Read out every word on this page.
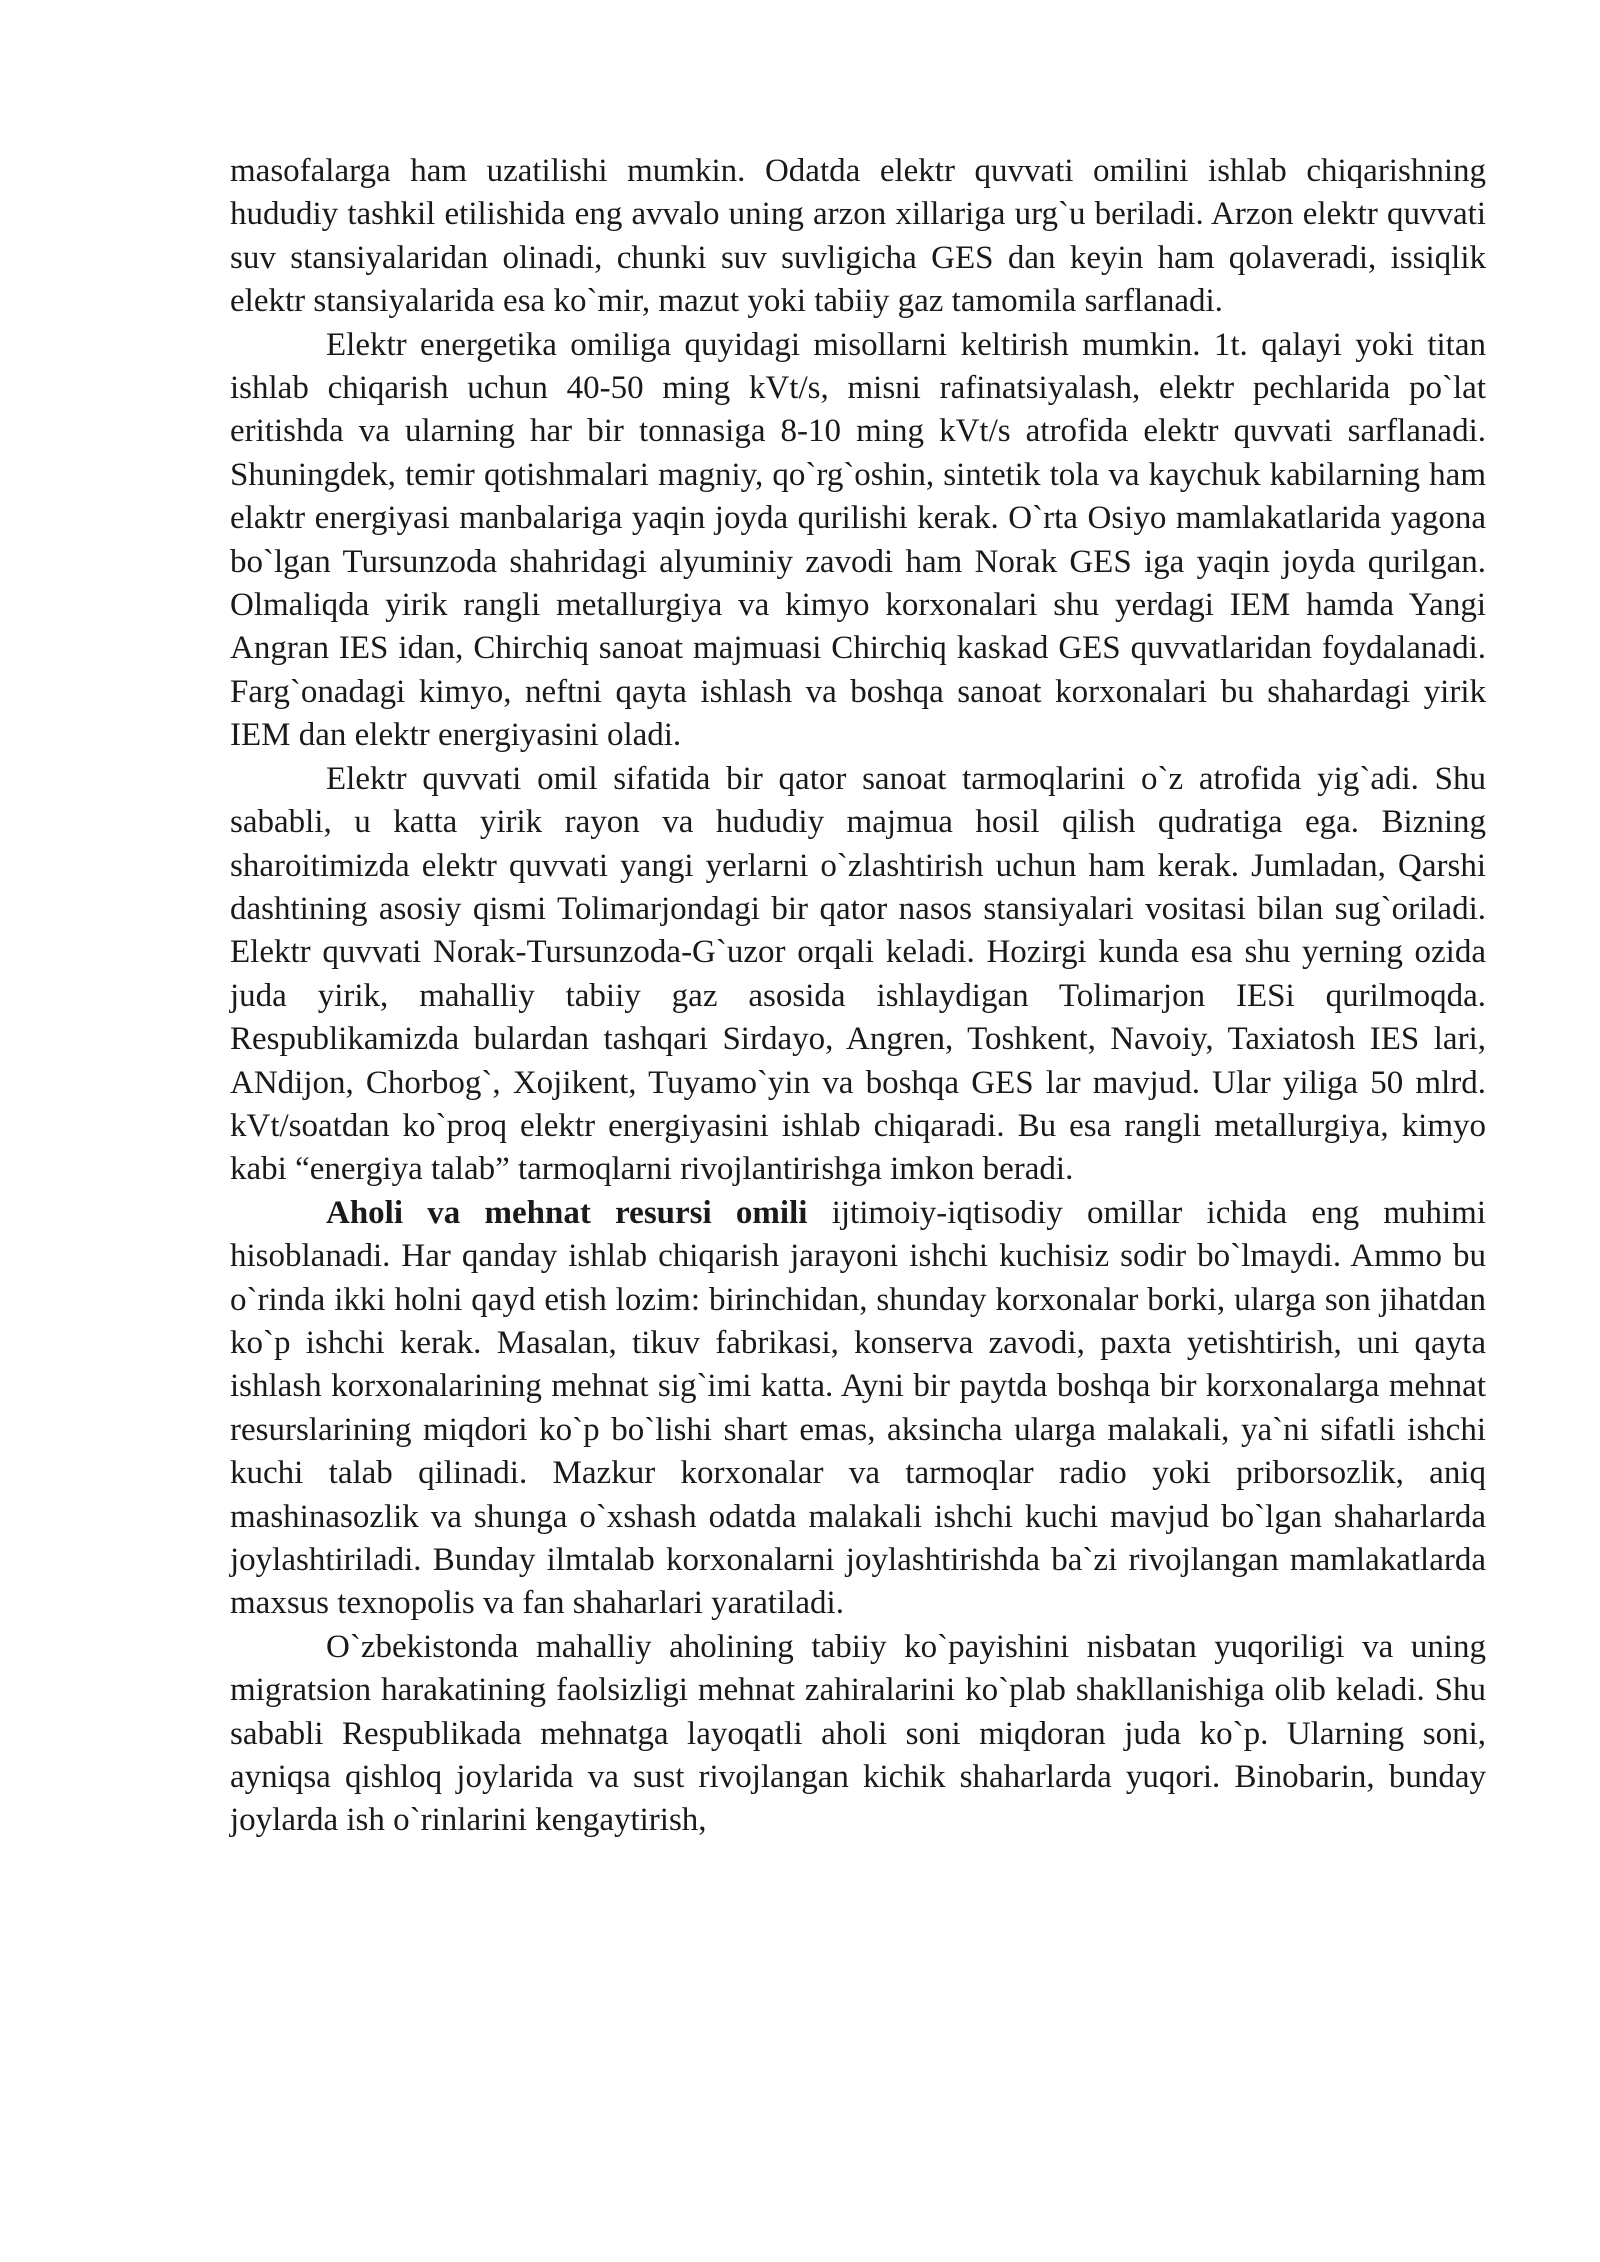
masofalarga ham uzatilishi mumkin. Odatda elektr quvvati omilini ishlab chiqarishning hududiy tashkil etilishida eng avvalo uning arzon xillariga urg`u beriladi. Arzon elektr quvvati suv stansiyalaridan olinadi, chunki suv suvligicha GES dan keyin ham qolaveradi, issiqlik elektr stansiyalarida esa ko`mir, mazut yoki tabiiy gaz tamomila sarflanadi.

Elektr energetika omiliga quyidagi misollarni keltirish mumkin. 1t. qalayi yoki titan ishlab chiqarish uchun 40-50 ming kVt/s, misni rafinatsiyalash, elektr pechlarida po`lat eritishda va ularning har bir tonnasiga 8-10 ming kVt/s atrofida elektr quvvati sarflanadi. Shuningdek, temir qotishmalari magniy, qo`rg`oshin, sintetik tola va kaychuk kabilarning ham elaktr energiyasi manbalariga yaqin joyda qurilishi kerak. O`rta Osiyo mamlakatlarida yagona bo`lgan Tursunzoda shahridagi alyuminiy zavodi ham Norak GES iga yaqin joyda qurilgan. Olmaliqda yirik rangli metallurgiya va kimyo korxonalari shu yerdagi IEM hamda Yangi Angran IES idan, Chirchiq sanoat majmuasi Chirchiq kaskad GES quvvatlaridan foydalanadi. Farg`onadagi kimyo, neftni qayta ishlash va boshqa sanoat korxonalari bu shahardagi yirik IEM dan elektr energiyasini oladi.

Elektr quvvati omil sifatida bir qator sanoat tarmoqlarini o`z atrofida yig`adi. Shu sababli, u katta yirik rayon va hududiy majmua hosil qilish qudratiga ega. Bizning sharoitimizda elektr quvvati yangi yerlarni o`zlashtirish uchun ham kerak. Jumladan, Qarshi dashtining asosiy qismi Tolimarjondagi bir qator nasos stansiyalari vositasi bilan sug`oriladi. Elektr quvvati Norak-Tursunzoda-G`uzor orqali keladi. Hozirgi kunda esa shu yerning ozida juda yirik, mahalliy tabiiy gaz asosida ishlaydigan Tolimarjon IESi qurilmoqda. Respublikamizda bulardan tashqari Sirdayo, Angren, Toshkent, Navoiy, Taxiatosh IES lari, ANdijon, Chorbog`, Xojikent, Tuyamo`yin va boshqa GES lar mavjud. Ular yiliga 50 mlrd. kVt/soatdan ko`proq elektr energiyasini ishlab chiqaradi. Bu esa rangli metallurgiya, kimyo kabi “energiya talab” tarmoqlarni rivojlantirishga imkon beradi.

Aholi va mehnat resursi omili ijtimoiy-iqtisodiy omillar ichida eng muhimi hisoblanadi. Har qanday ishlab chiqarish jarayoni ishchi kuchisiz sodir bo`lmaydi. Ammo bu o`rinda ikki holni qayd etish lozim: birinchidan, shunday korxonalar borki, ularga son jihatdan ko`p ishchi kerak. Masalan, tikuv fabrikasi, konserva zavodi, paxta yetishtirish, uni qayta ishlash korxonalarining mehnat sig`imi katta. Ayni bir paytda boshqa bir korxonalarga mehnat resurslarining miqdori ko`p bo`lishi shart emas, aksincha ularga malakali, ya`ni sifatli ishchi kuchi talab qilinadi. Mazkur korxonalar va tarmoqlar radio yoki priborsozlik, aniq mashinasozlik va shunga o`xshash odatda malakali ishchi kuchi mavjud bo`lgan shaharlarda joylashtiriladi. Bunday ilmtalab korxonalarni joylashtirishda ba`zi rivojlangan mamlakatlarda maxsus texnopolis va fan shaharlari yaratiladi.

O`zbekistonda mahalliy aholining tabiiy ko`payishini nisbatan yuqoriligi va uning migratsion harakatining faolsizligi mehnat zahiralarini ko`plab shakllanishiga olib keladi. Shu sababli Respublikada mehnatga layoqatli aholi soni miqdoran juda ko`p. Ularning soni, ayniqsa qishloq joylarida va sust rivojlangan kichik shaharlarda yuqori. Binobarin, bunday joylarda ish o`rinlarini kengaytirish,
